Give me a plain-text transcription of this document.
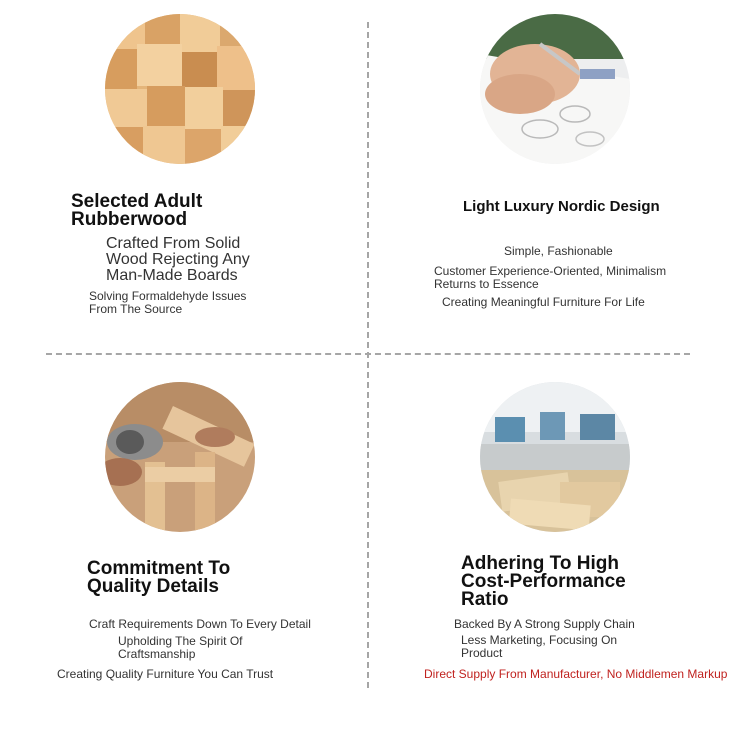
Selected Adult Rubberwood
Crafted From Solid Wood Rejecting Any Man-Made Boards
Solving Formaldehyde Issues From The Source
Light Luxury Nordic Design
Simple, Fashionable
Customer Experience-Oriented, Minimalism Returns to Essence
Creating Meaningful Furniture For Life
Commitment To Quality Details
Craft Requirements Down To Every Detail
Upholding The Spirit Of Craftsmanship
Creating Quality Furniture You Can Trust
Adhering To High Cost-Performance Ratio
Backed By A Strong Supply Chain
Less Marketing, Focusing On Product
Direct Supply From Manufacturer, No Middlemen Markup
